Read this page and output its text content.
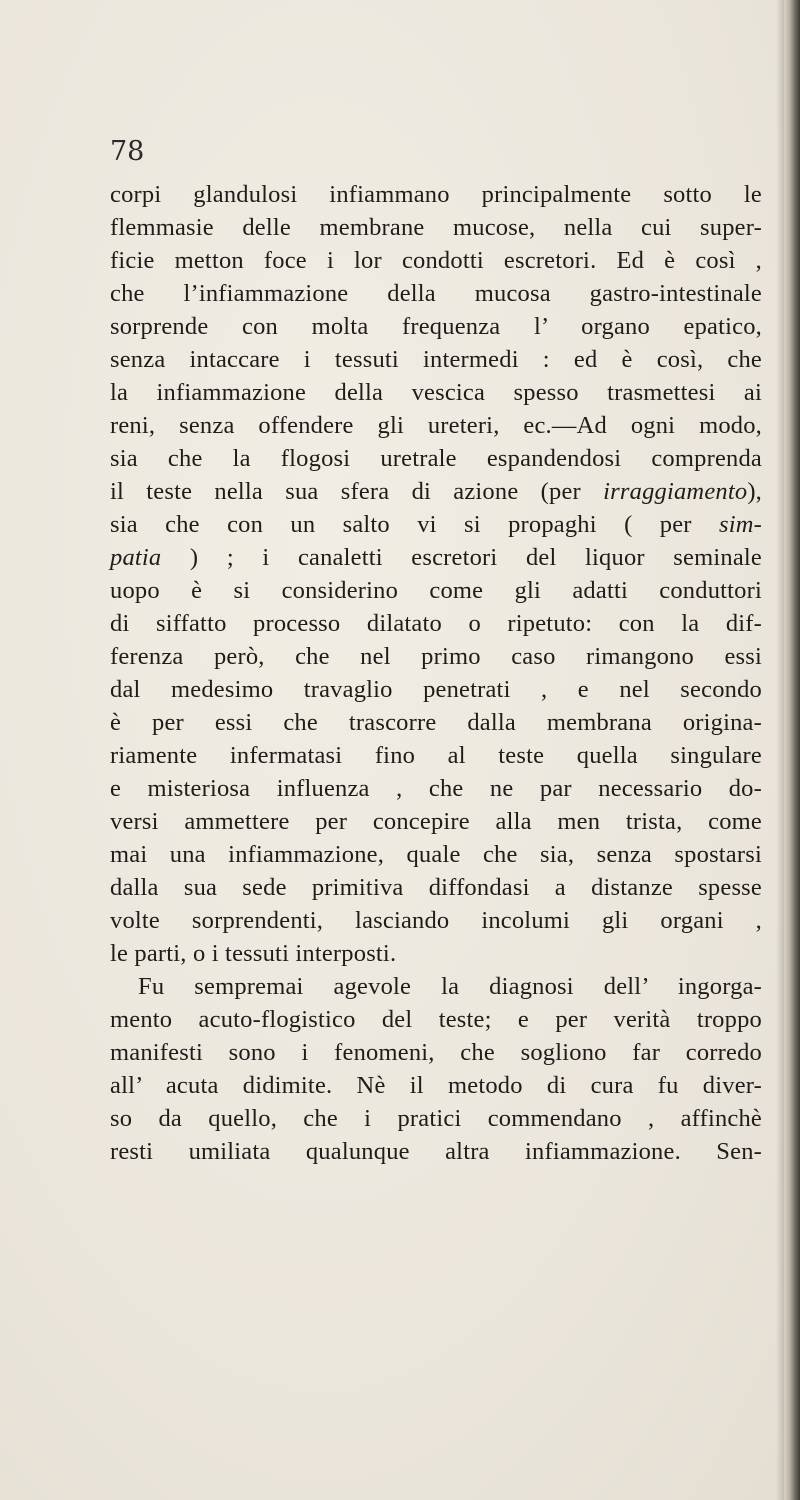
78

corpi glandulosi infiammano principalmente sotto le
flemmasie delle membrane mucose, nella cui super-
ficie metton foce i lor condotti escretori. Ed è così ,
che l’infiammazione della mucosa gastro-intestinale
sorprende con molta frequenza l’ organo epatico,
senza intaccare i tessuti intermedi : ed è così, che
la infiammazione della vescica spesso trasmettesi ai
reni, senza offendere gli ureteri, ec.—Ad ogni modo,
sia che la flogosi uretrale espandendosi comprenda
il teste nella sua sfera di azione (per irraggiamento),
sia che con un salto vi si propaghi ( per sim-
patia ) ; i canaletti escretori del liquor seminale
uopo è si considerino come gli adatti conduttori
di siffatto processo dilatato o ripetuto: con la dif-
ferenza però, che nel primo caso rimangono essi
dal medesimo travaglio penetrati , e nel secondo
è per essi che trascorre dalla membrana origina-
riamente infermatasi fino al teste quella singulare
e misteriosa influenza , che ne par necessario do-
versi ammettere per concepire alla men trista, come
mai una infiammazione, quale che sia, senza spostarsi
dalla sua sede primitiva diffondasi a distanze spesse
volte sorprendenti, lasciando incolumi gli organi ,
le parti, o i tessuti interposti.
Fu sempremai agevole la diagnosi dell’ ingorga-
mento acuto-flogistico del teste; e per verità troppo
manifesti sono i fenomeni, che sogliono far corredo
all’ acuta didimite. Nè il metodo di cura fu diver-
so da quello, che i pratici commendano , affinchè
resti umiliata qualunque altra infiammazione. Sen-
